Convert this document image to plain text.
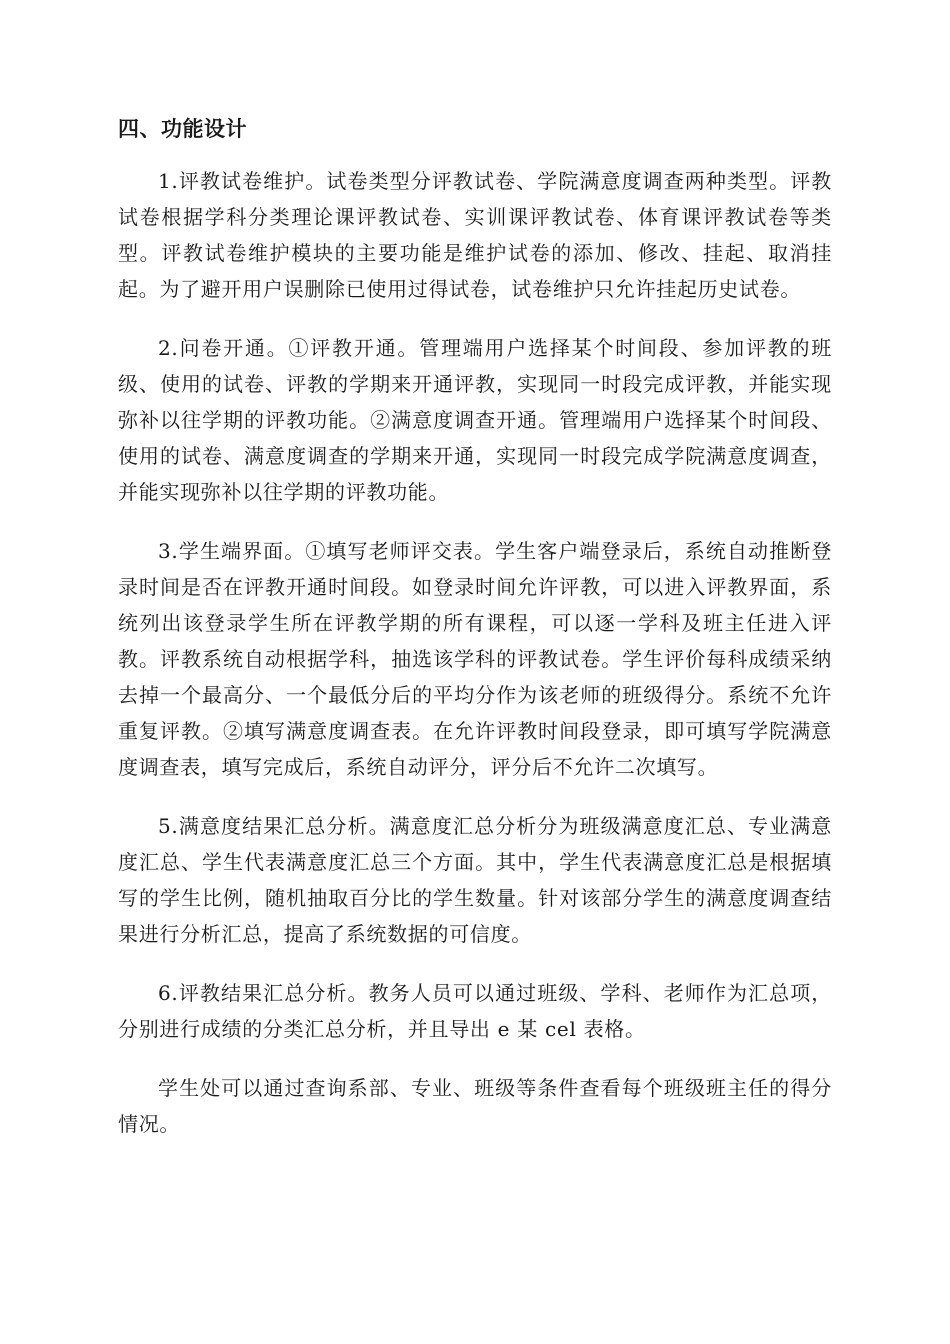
四、功能设计

1.评教试卷维护。试卷类型分评教试卷、学院满意度调查两种类型。评教试卷根据学科分类理论课评教试卷、实训课评教试卷、体育课评教试卷等类型。评教试卷维护模块的主要功能是维护试卷的添加、修改、挂起、取消挂起。为了避开用户误删除已使用过得试卷，试卷维护只允许挂起历史试卷。

2.问卷开通。①评教开通。管理端用户选择某个时间段、参加评教的班级、使用的试卷、评教的学期来开通评教，实现同一时段完成评教，并能实现弥补以往学期的评教功能。②满意度调查开通。管理端用户选择某个时间段、使用的试卷、满意度调查的学期来开通，实现同一时段完成学院满意度调查，并能实现弥补以往学期的评教功能。

3.学生端界面。①填写老师评交表。学生客户端登录后，系统自动推断登录时间是否在评教开通时间段。如登录时间允许评教，可以进入评教界面，系统列出该登录学生所在评教学期的所有课程，可以逐一学科及班主任进入评教。评教系统自动根据学科，抽选该学科的评教试卷。学生评价每科成绩采纳去掉一个最高分、一个最低分后的平均分作为该老师的班级得分。系统不允许重复评教。②填写满意度调查表。在允许评教时间段登录，即可填写学院满意度调查表，填写完成后，系统自动评分，评分后不允许二次填写。

5.满意度结果汇总分析。满意度汇总分析分为班级满意度汇总、专业满意度汇总、学生代表满意度汇总三个方面。其中，学生代表满意度汇总是根据填写的学生比例，随机抽取百分比的学生数量。针对该部分学生的满意度调查结果进行分析汇总，提高了系统数据的可信度。

6.评教结果汇总分析。教务人员可以通过班级、学科、老师作为汇总项，分别进行成绩的分类汇总分析，并且导出 e 某 cel 表格。

学生处可以通过查询系部、专业、班级等条件查看每个班级班主任的得分情况。
